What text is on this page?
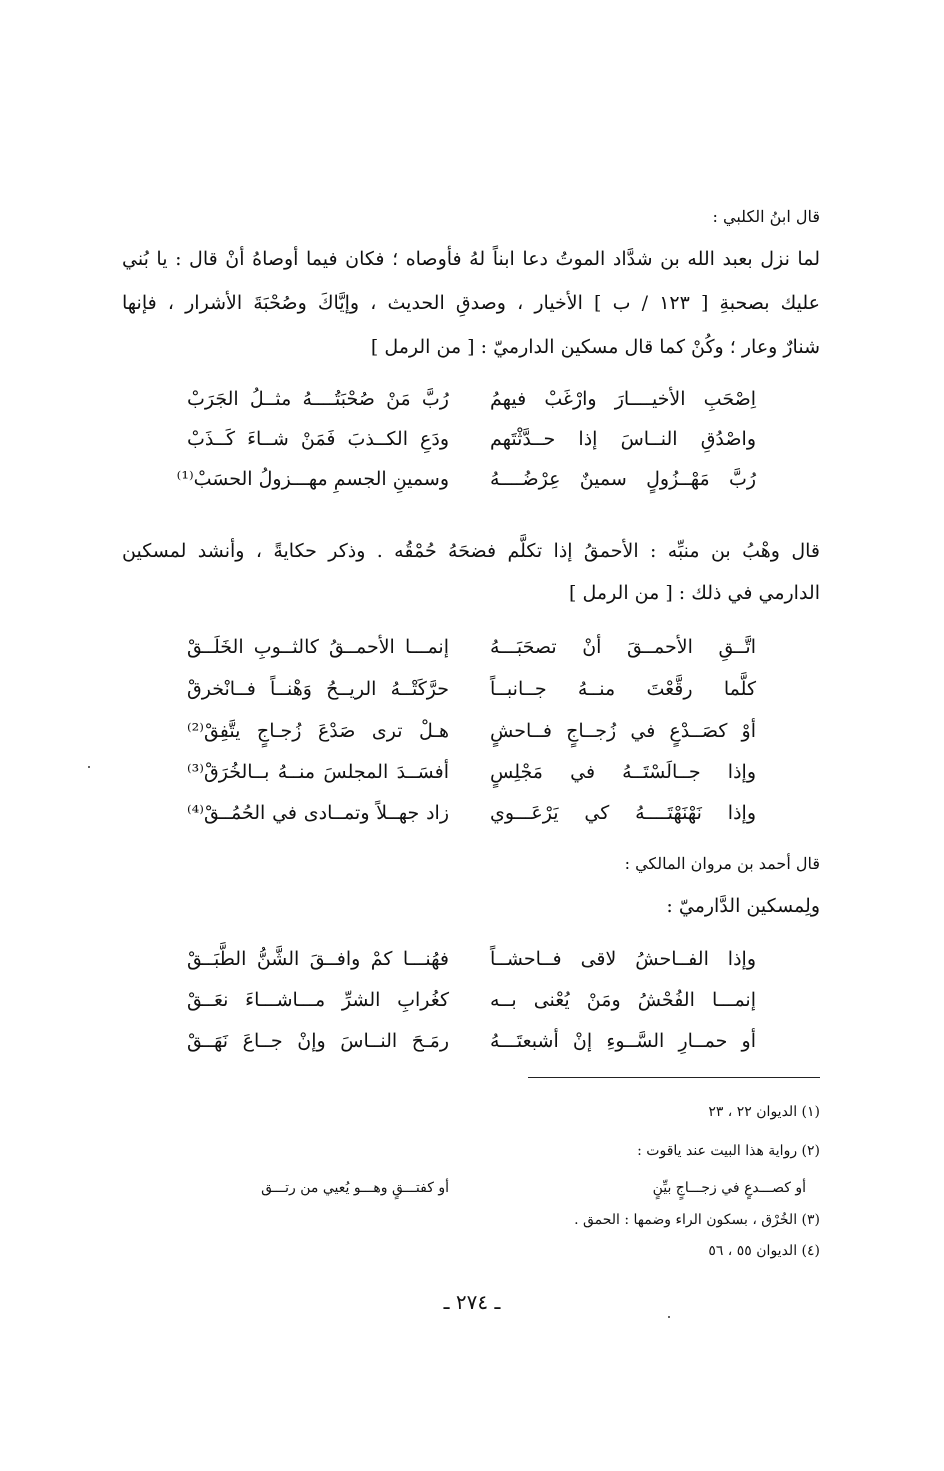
قال ابنُ الكلبي :
لما نزل بعبد الله بن شدَّاد الموتُ دعا ابناً لهُ فأوصاه ؛ فكان فيما أوصاهُ أنْ قال : يا بُني
عليك بصحبةِ [ ١٢٣ / ب ] الأخيار ، وصدقِ الحديث ، وإيَّاكَ وصُحْبَةَ الأشرار ، فإنها
شنارٌ وعار ؛ وكُنْ كما قال مسكين الدارميّ : [ من الرمل ]
اِصْحَبِ الأخيــــارَ وارْغَبْ فيهمُ
رُبَّ مَنْ صُحْبَتُــــهُ مثــلُ الجَرَبْ
واصْدُقِ النــاسَ إذا حــدَّثْتَهم
ودَعِ الكــذبَ فَمَنْ شــاءَ كَــذَبْ
رُبَّ مَهْــزُولٍ سمينٌ عِرْضُــــهُ
وسمينِ الجسمِ مهـــزولُ الحسَبْ⁽¹⁾
قال وهْبُ بن منبِّه : الأحمقُ إذا تكلَّم فضحَهُ حُمْقُه . وذكر حكايةً ، وأنشد لمسكين
الدارمي في ذلك : [ من الرمل ]
اتَّــقِ الأحمــقَ أنْ تصحَبَـــهُ
إنمـــا الأحمــقُ كالثــوبِ الخَلَــقْ
كلَّما رقَّعْتَ منــهُ جــانبــاً
حرَّكَتْــهُ الريــحُ وَهْنــاً فــانْخرقْ
أوْ كصَــدْعٍ في زُجــاجٍ فــاحشٍ
هـلْ ترى صَدْعَ زُجـاجٍ يتَّفِقْ⁽²⁾
وإذا جــالَسْتَــهُ في مَجْلِسٍ
أفسَــدَ المجلسَ منــهُ بــالخُرَقْ⁽³⁾
وإذا نَهْنَهْتَــــهُ كي يَرْعَـــوي
زاد جهــلاً وتمــادى في الحُمُــقْ⁽⁴⁾
قال أحمد بن مروان المالكي :
ولِمسكين الدَّارميّ :
وإذا الفــاحشُ لاقى فــاحشــاً
فهُنـــا كمْ وافــقَ الشَّنُّ الطَّبَــقْ
إنمـــا الفُحْشُ ومَنْ يُعْنى بــه
كغُرابِ الشرِّ مـــاشـــاءَ نعَــقْ
أو حمــارِ السَّــوءِ إنْ أشبعتَـــهُ
رمَـحَ النــاسَ وإنْ جــاعَ نَهَــقْ
(١) الديوان ٢٢ ، ٢٣
(٢) رواية هذا البيت عند ياقوت :
أو كصـــدعٍ في زجـــاجٍ بيِّنٍ
أو كفتـــقٍ وهـــو يُعيي من رتـــق
(٣) الخُرْق ، بسكون الراء وضمها : الحمق .
(٤) الديوان ٥٥ ، ٥٦
ـ ٢٧٤ ـ
